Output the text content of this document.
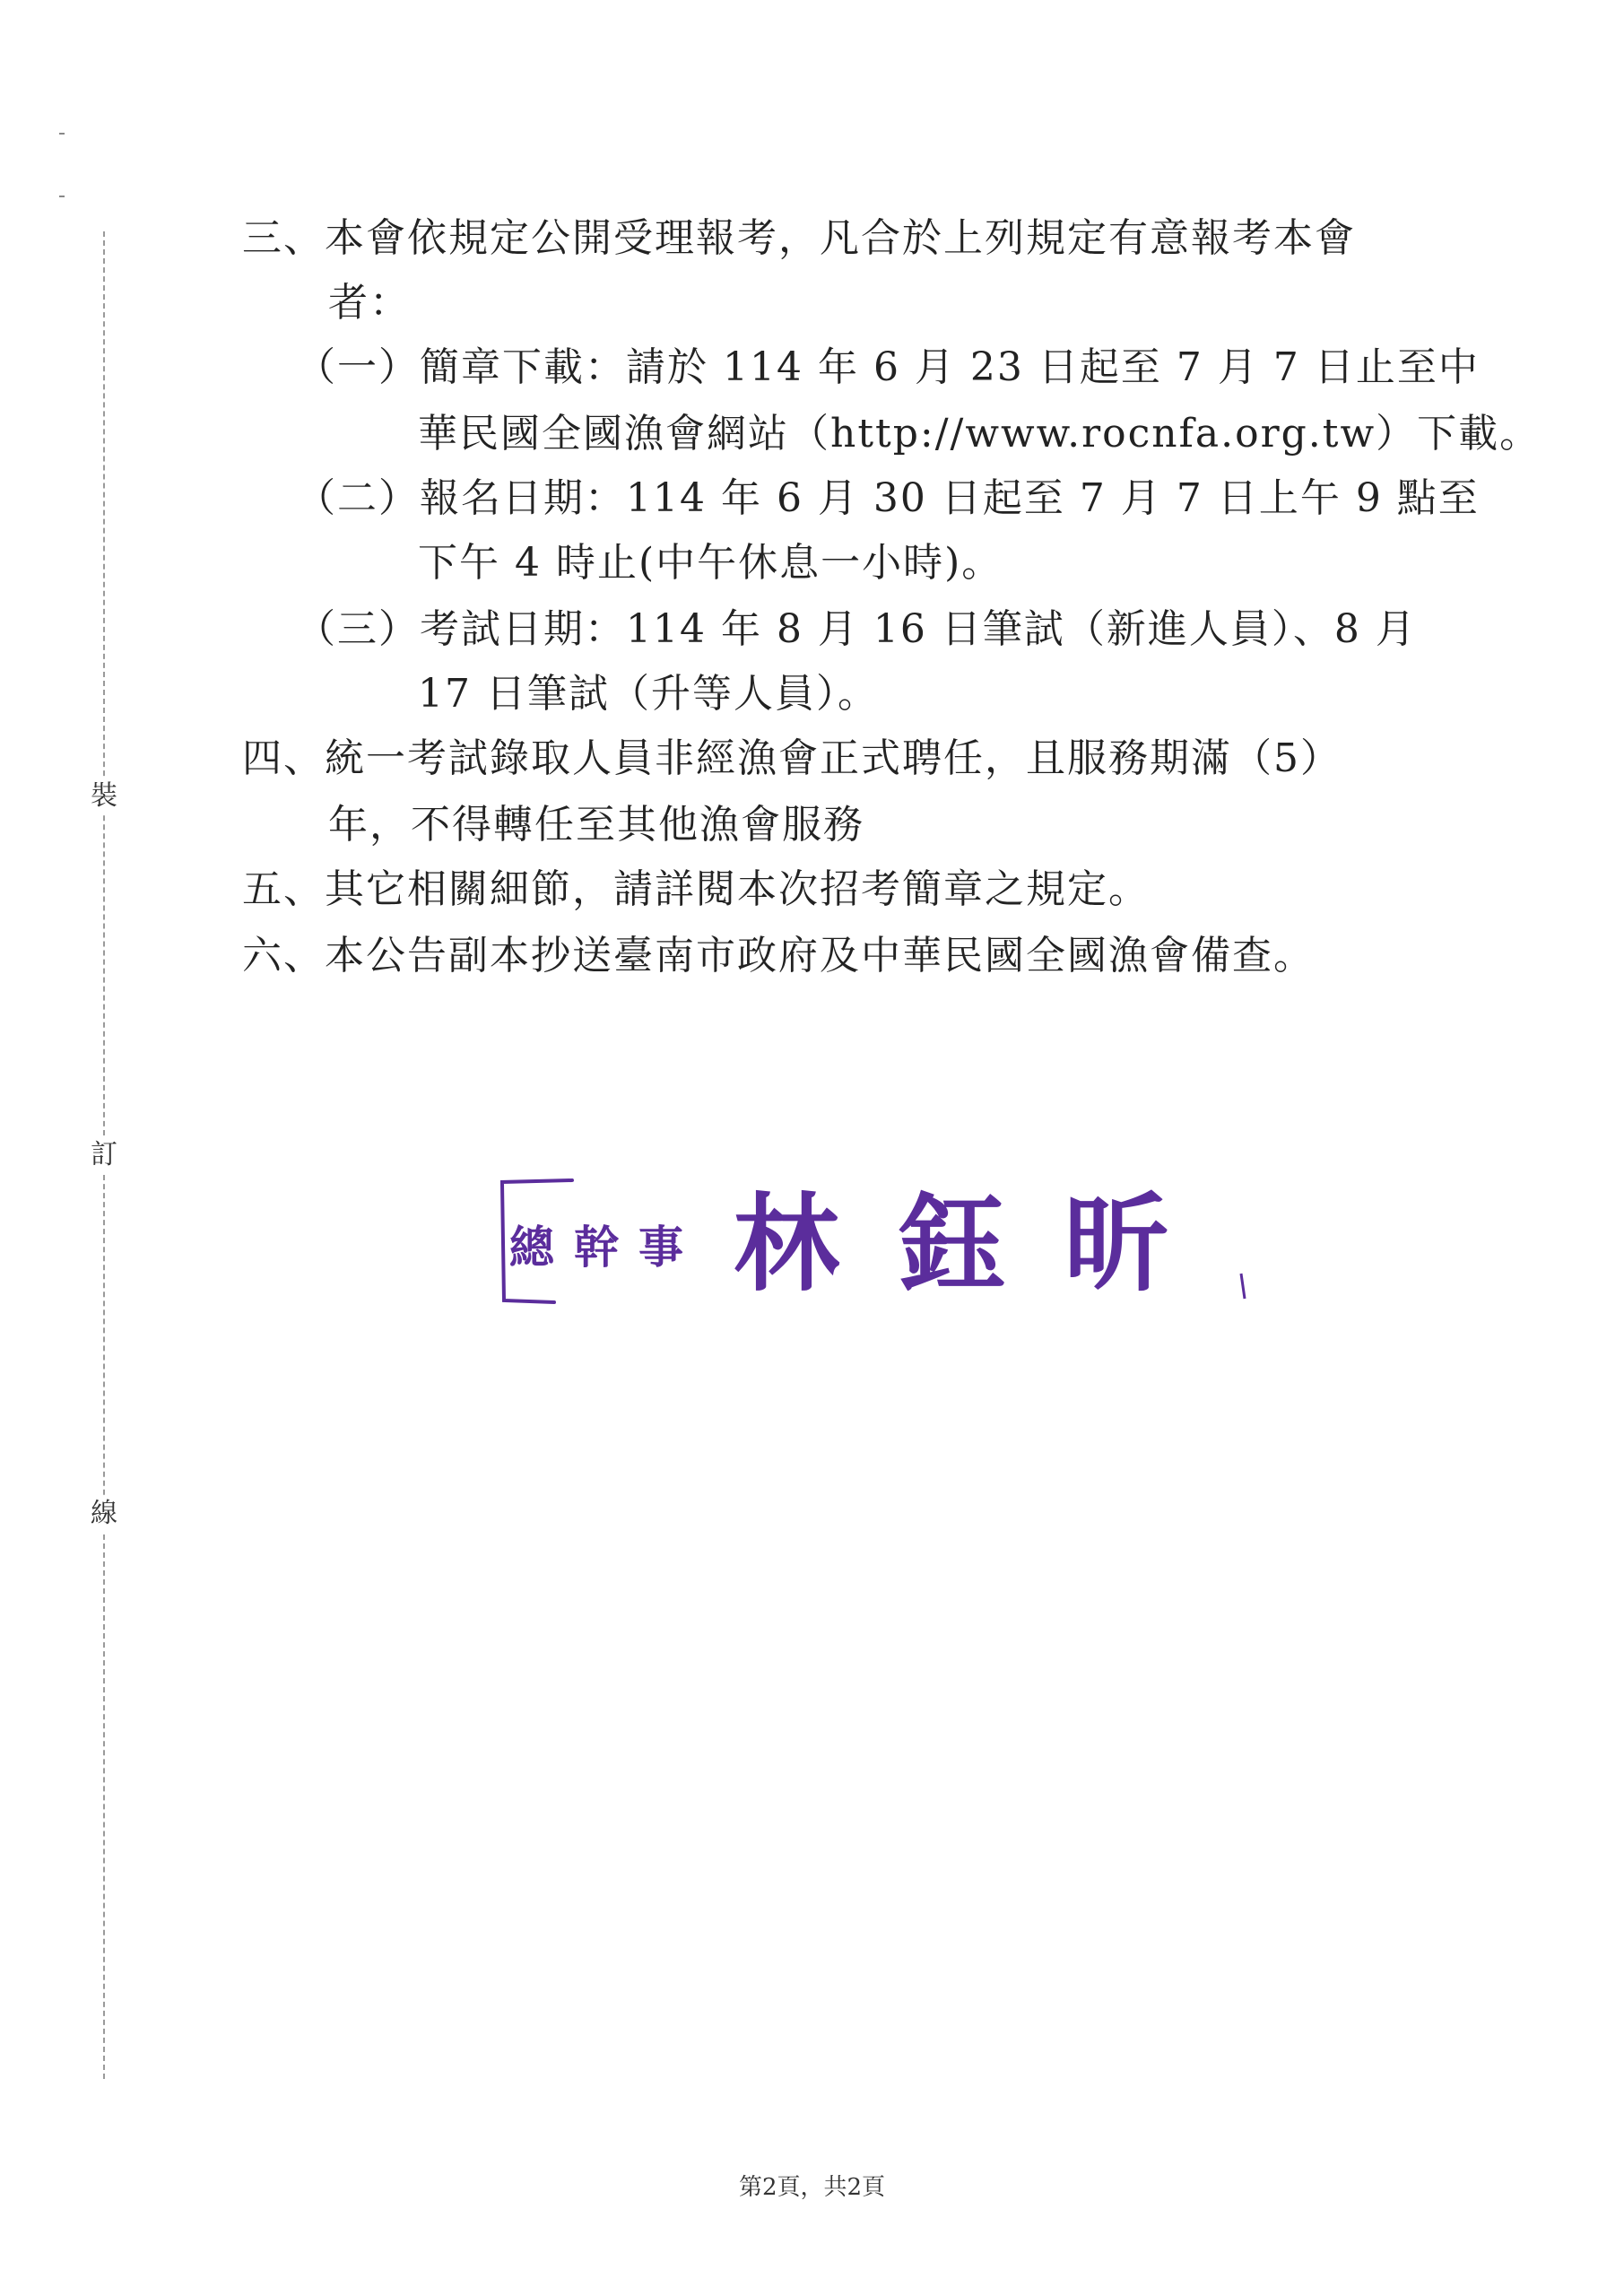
裝
訂
線
三、本會依規定公開受理報考，凡合於上列規定有意報考本會
者：
（一）簡章下載：請於 114 年 6 月 23 日起至 7 月 7 日止至中
華民國全國漁會網站（http://www.rocnfa.org.tw）下載。
（二）報名日期：114 年 6 月 30 日起至 7 月 7 日上午 9 點至
下午 4 時止(中午休息一小時)。
（三）考試日期：114 年 8 月 16 日筆試（新進人員）、8 月
17 日筆試（升等人員）。
四、統一考試錄取人員非經漁會正式聘任，且服務期滿（5）
年，不得轉任至其他漁會服務
五、其它相關細節，請詳閱本次招考簡章之規定。
六、本公告副本抄送臺南市政府及中華民國全國漁會備查。
總幹事 林鈺昕
第2頁，共2頁
